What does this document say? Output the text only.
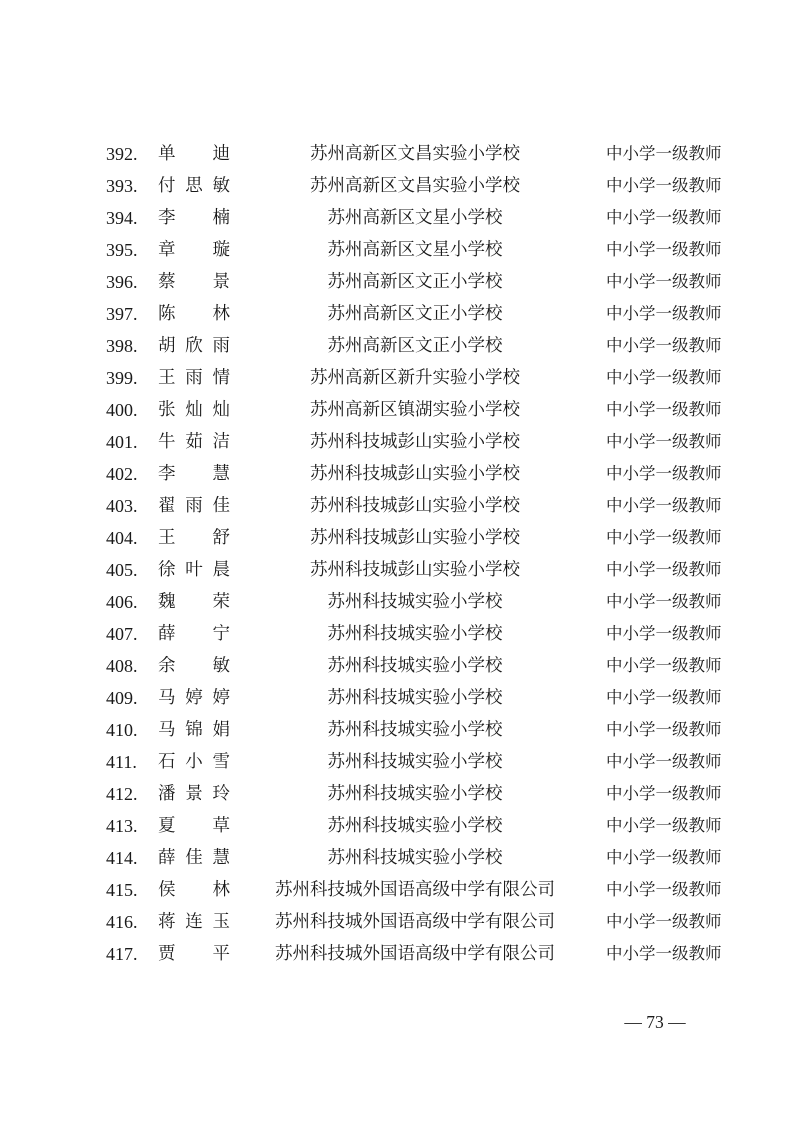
392.	单 迪	苏州高新区文昌实验小学校	中小学一级教师
393.	付 思 敏	苏州高新区文昌实验小学校	中小学一级教师
394.	李 楠	苏州高新区文星小学校	中小学一级教师
395.	章 璇	苏州高新区文星小学校	中小学一级教师
396.	蔡 景	苏州高新区文正小学校	中小学一级教师
397.	陈 林	苏州高新区文正小学校	中小学一级教师
398.	胡 欣 雨	苏州高新区文正小学校	中小学一级教师
399.	王 雨 情	苏州高新区新升实验小学校	中小学一级教师
400.	张 灿 灿	苏州高新区镇湖实验小学校	中小学一级教师
401.	牛 茹 洁	苏州科技城彭山实验小学校	中小学一级教师
402.	李 慧	苏州科技城彭山实验小学校	中小学一级教师
403.	翟 雨 佳	苏州科技城彭山实验小学校	中小学一级教师
404.	王 舒	苏州科技城彭山实验小学校	中小学一级教师
405.	徐 叶 晨	苏州科技城彭山实验小学校	中小学一级教师
406.	魏 荣	苏州科技城实验小学校	中小学一级教师
407.	薛 宁	苏州科技城实验小学校	中小学一级教师
408.	余 敏	苏州科技城实验小学校	中小学一级教师
409.	马 婷 婷	苏州科技城实验小学校	中小学一级教师
410.	马 锦 娟	苏州科技城实验小学校	中小学一级教师
411.	石 小 雪	苏州科技城实验小学校	中小学一级教师
412.	潘 景 玲	苏州科技城实验小学校	中小学一级教师
413.	夏 草	苏州科技城实验小学校	中小学一级教师
414.	薛 佳 慧	苏州科技城实验小学校	中小学一级教师
415.	侯 林	苏州科技城外国语高级中学有限公司	中小学一级教师
416.	蒋 连 玉	苏州科技城外国语高级中学有限公司	中小学一级教师
417.	贾 平	苏州科技城外国语高级中学有限公司	中小学一级教师
— 73 —
